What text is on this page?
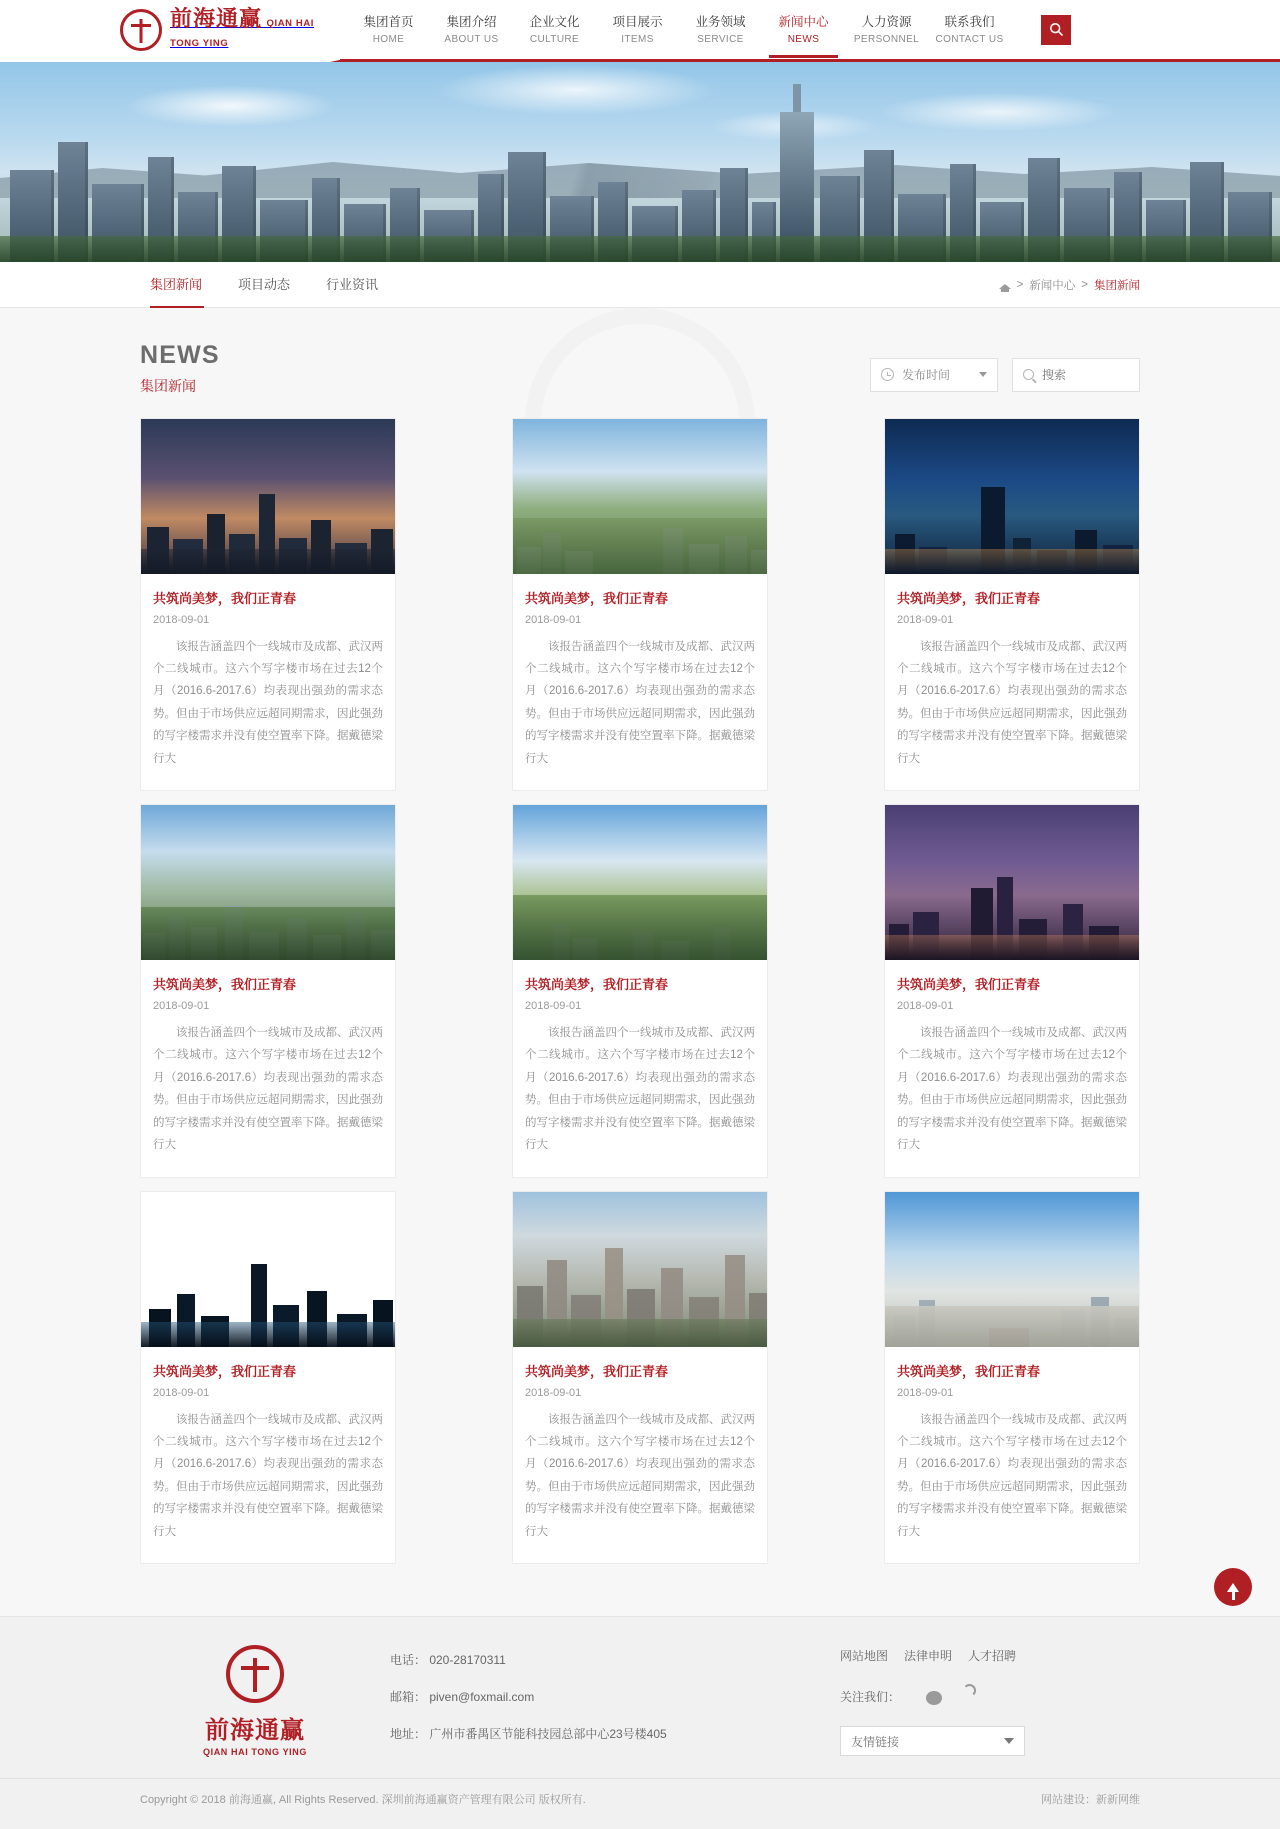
前海通赢 QIAN HAI TONG YING
集团首页
HOME
集团介绍
ABOUT US
企业文化
CULTURE
项目展示
ITEMS
业务领域
SERVICE
新闻中心
NEWS
人力资源
PERSONNEL
联系我们
CONTACT US
集团新闻	项目动态	行业资讯	> 新闻中心 > 集团新闻
NEWS
集团新闻
发布时间
搜索
共筑尚美梦，我们正青春
2018-09-01
该报告涵盖四个一线城市及成都、武汉两个二线城市。这六个写字楼市场在过去12个月（2016.6-2017.6）均表现出强劲的需求态势。但由于市场供应远超同期需求，因此强劲的写字楼需求并没有使空置率下降。据戴德梁行大
共筑尚美梦，我们正青春
2018-09-01
该报告涵盖四个一线城市及成都、武汉两个二线城市。这六个写字楼市场在过去12个月（2016.6-2017.6）均表现出强劲的需求态势。但由于市场供应远超同期需求，因此强劲的写字楼需求并没有使空置率下降。据戴德梁行大
共筑尚美梦，我们正青春
2018-09-01
该报告涵盖四个一线城市及成都、武汉两个二线城市。这六个写字楼市场在过去12个月（2016.6-2017.6）均表现出强劲的需求态势。但由于市场供应远超同期需求，因此强劲的写字楼需求并没有使空置率下降。据戴德梁行大
共筑尚美梦，我们正青春
2018-09-01
该报告涵盖四个一线城市及成都、武汉两个二线城市。这六个写字楼市场在过去12个月（2016.6-2017.6）均表现出强劲的需求态势。但由于市场供应远超同期需求，因此强劲的写字楼需求并没有使空置率下降。据戴德梁行大
共筑尚美梦，我们正青春
2018-09-01
该报告涵盖四个一线城市及成都、武汉两个二线城市。这六个写字楼市场在过去12个月（2016.6-2017.6）均表现出强劲的需求态势。但由于市场供应远超同期需求，因此强劲的写字楼需求并没有使空置率下降。据戴德梁行大
共筑尚美梦，我们正青春
2018-09-01
该报告涵盖四个一线城市及成都、武汉两个二线城市。这六个写字楼市场在过去12个月（2016.6-2017.6）均表现出强劲的需求态势。但由于市场供应远超同期需求，因此强劲的写字楼需求并没有使空置率下降。据戴德梁行大
共筑尚美梦，我们正青春
2018-09-01
该报告涵盖四个一线城市及成都、武汉两个二线城市。这六个写字楼市场在过去12个月（2016.6-2017.6）均表现出强劲的需求态势。但由于市场供应远超同期需求，因此强劲的写字楼需求并没有使空置率下降。据戴德梁行大
共筑尚美梦，我们正青春
2018-09-01
该报告涵盖四个一线城市及成都、武汉两个二线城市。这六个写字楼市场在过去12个月（2016.6-2017.6）均表现出强劲的需求态势。但由于市场供应远超同期需求，因此强劲的写字楼需求并没有使空置率下降。据戴德梁行大
共筑尚美梦，我们正青春
2018-09-01
该报告涵盖四个一线城市及成都、武汉两个二线城市。这六个写字楼市场在过去12个月（2016.6-2017.6）均表现出强劲的需求态势。但由于市场供应远超同期需求，因此强劲的写字楼需求并没有使空置率下降。据戴德梁行大
前海通赢
QIAN HAI TONG YING
电话： 020-28170311
邮箱： piven@foxmail.com
地址： 广州市番禺区节能科技园总部中心23号楼405
网站地图 法律申明 人才招聘
关注我们：
友情链接
Copyright © 2018 前海通赢, All Rights Reserved. 深圳前海通赢资产管理有限公司 版权所有.	网站建设：新新网维
